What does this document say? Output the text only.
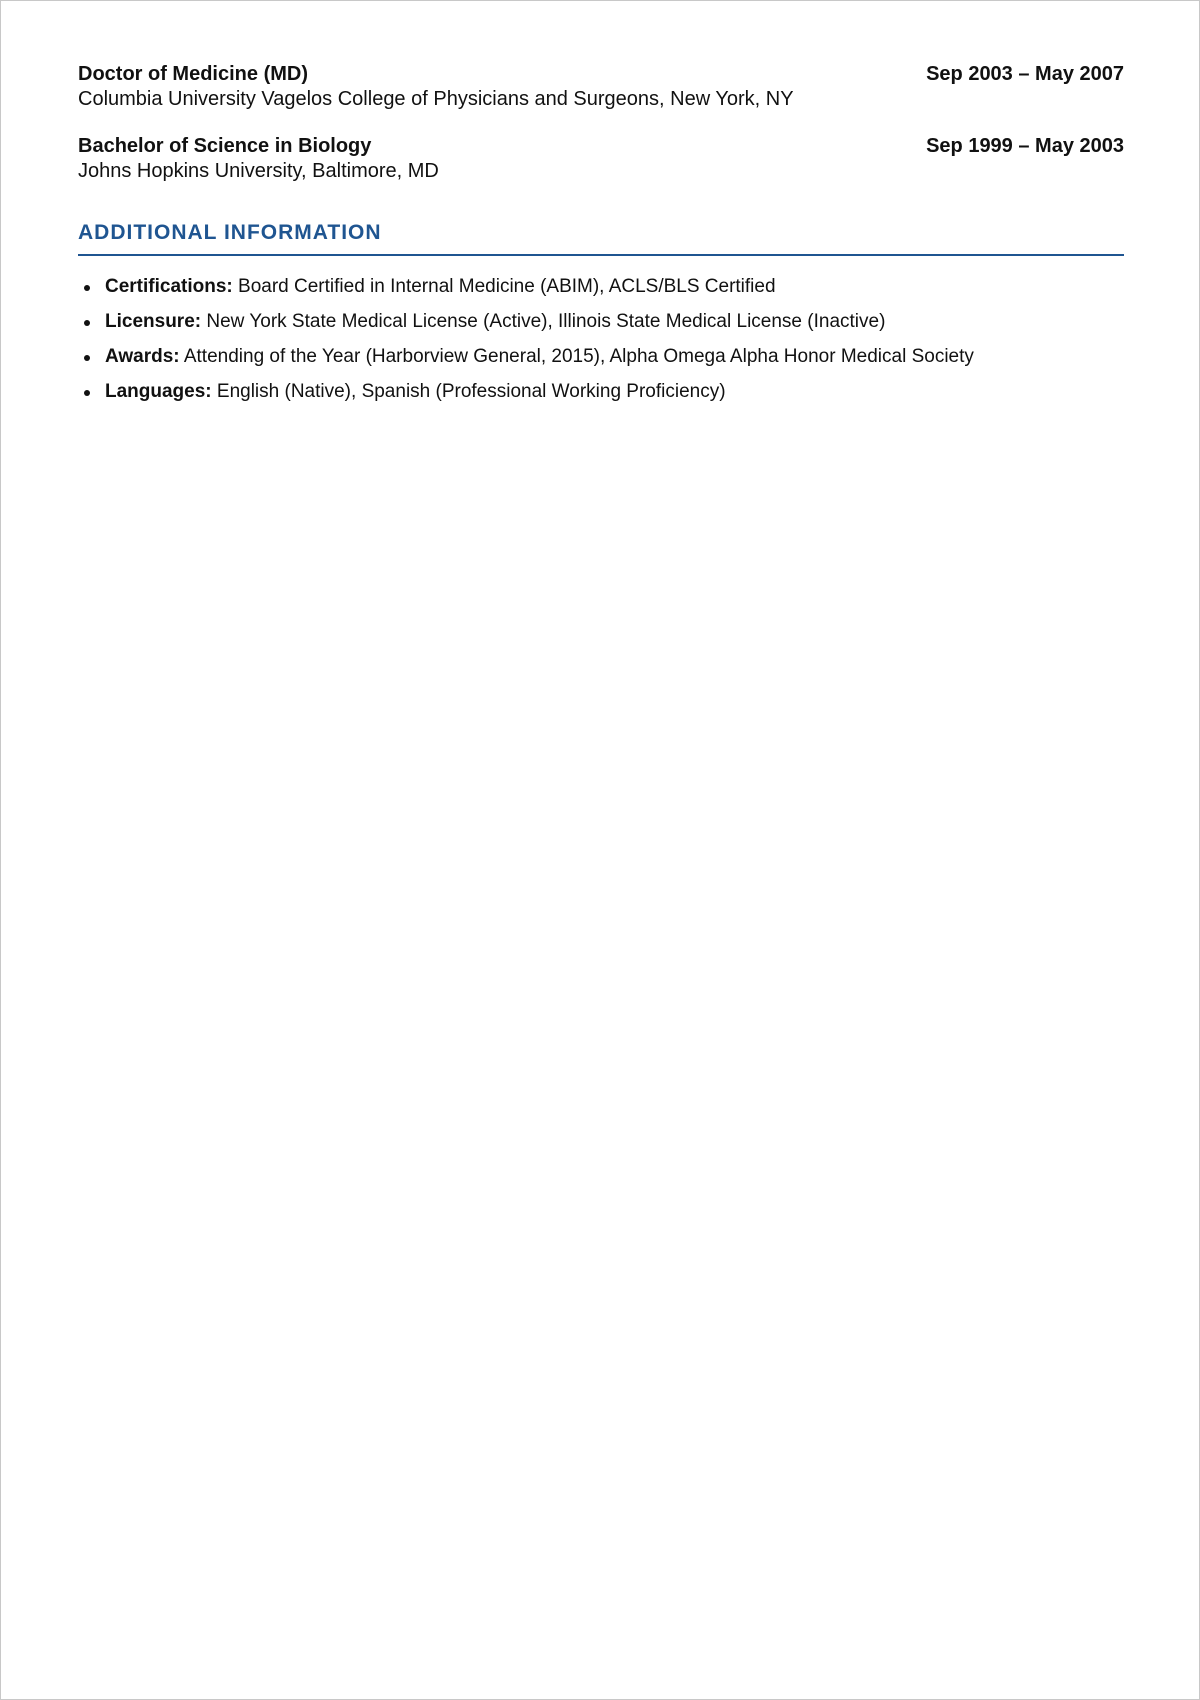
Doctor of Medicine (MD)	Sep 2003 – May 2007
Columbia University Vagelos College of Physicians and Surgeons, New York, NY
Bachelor of Science in Biology	Sep 1999 – May 2003
Johns Hopkins University, Baltimore, MD
ADDITIONAL INFORMATION
Certifications: Board Certified in Internal Medicine (ABIM), ACLS/BLS Certified
Licensure: New York State Medical License (Active), Illinois State Medical License (Inactive)
Awards: Attending of the Year (Harborview General, 2015), Alpha Omega Alpha Honor Medical Society
Languages: English (Native), Spanish (Professional Working Proficiency)
